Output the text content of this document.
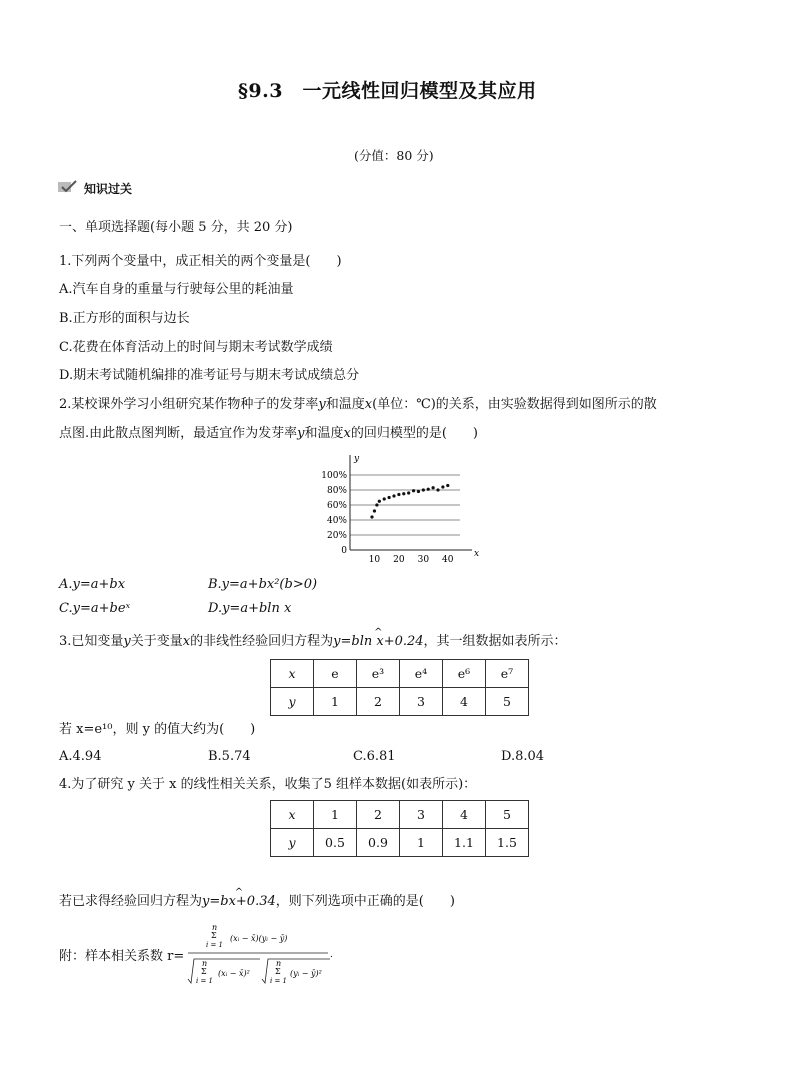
§9.3　一元线性回归模型及其应用
(分值：80 分)
知识过关
一、单项选择题(每小题 5 分，共 20 分)
1.下列两个变量中，成正相关的两个变量是(　　)
A.汽车自身的重量与行驶每公里的耗油量
B.正方形的面积与边长
C.花费在体育活动上的时间与期末考试数学成绩
D.期末考试随机编排的准考证号与期末考试成绩总分
2.某校课外学习小组研究某作物种子的发芽率y和温度x(单位：℃)的关系，由实验数据得到如图所示的散
点图.由此散点图判断，最适宜作为发芽率y和温度x的回归模型的是(　　)
0
20%
40%
60%
80%
100%
x
y
10 20 30 40
A.y=a+bx	B.y=a+bx²(b>0)
C.y=a+beˣ	D.y=a+bln x
3.已知变量y关于变量x的非线性经验回归方程为^ y=bln x+0.24，其一组数据如表所示：
x	e	e³	e⁴	e⁶	e⁷
y	1	2	3	4	5
若 x=e¹⁰，则 y 的值大约为(　　)
A.4.94	B.5.74	C.6.81	D.8.04
4.为了研究 y 关于 x 的线性相关关系，收集了5 组样本数据(如表所示)：
x	1	2	3	4	5
y	0.5	0.9	1	1.1	1.5
若已求得经验回归方程为^ y=bx+0.34，则下列选项中正确的是(　　)
附：样本相关系数 r=
n
Σ
i = 1
(xᵢ − x̄)(yᵢ − ȳ)
n
Σ
i = 1
(xᵢ − x̄)²
n
Σ
i = 1
(yᵢ − ȳ)²
.
